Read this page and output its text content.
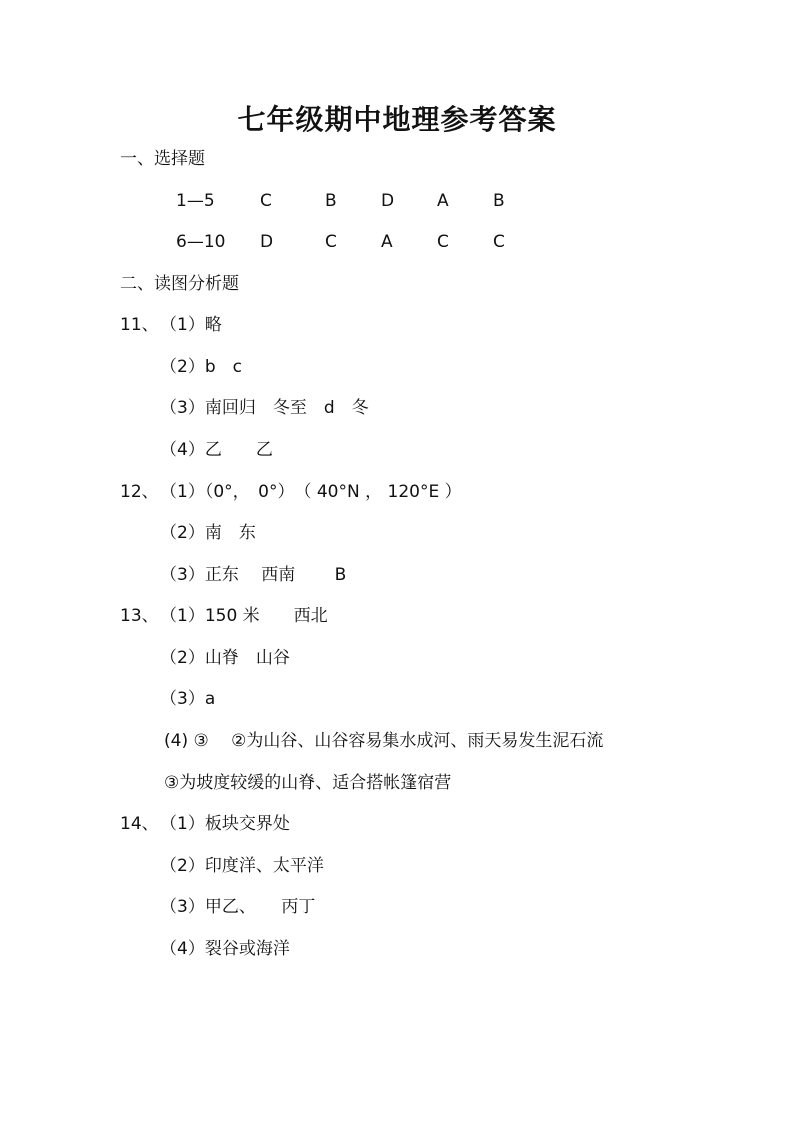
七年级期中地理参考答案
一、选择题
1—5	C	B	D	A	B
6—10 D	C	A	C	C
二、读图分析题
11、 （1）略
（2）b　c
（3）南回归　冬至　d　冬
（4）乙　　乙
12、 （1）（0°，　0°）　（ 40°N ， 120°E ）
（2）南　东
（3）正东　 西南　　 B
13、 （1）150 米　　西北
（2）山脊　山谷
（3）a
(4) ③　 ②为山谷、山谷容易集水成河、雨天易发生泥石流
③为坡度较缓的山脊、适合搭帐篷宿营
14、 （1）板块交界处
（2）印度洋、太平洋
（3）甲乙、　　丙丁
（4）裂谷或海洋
